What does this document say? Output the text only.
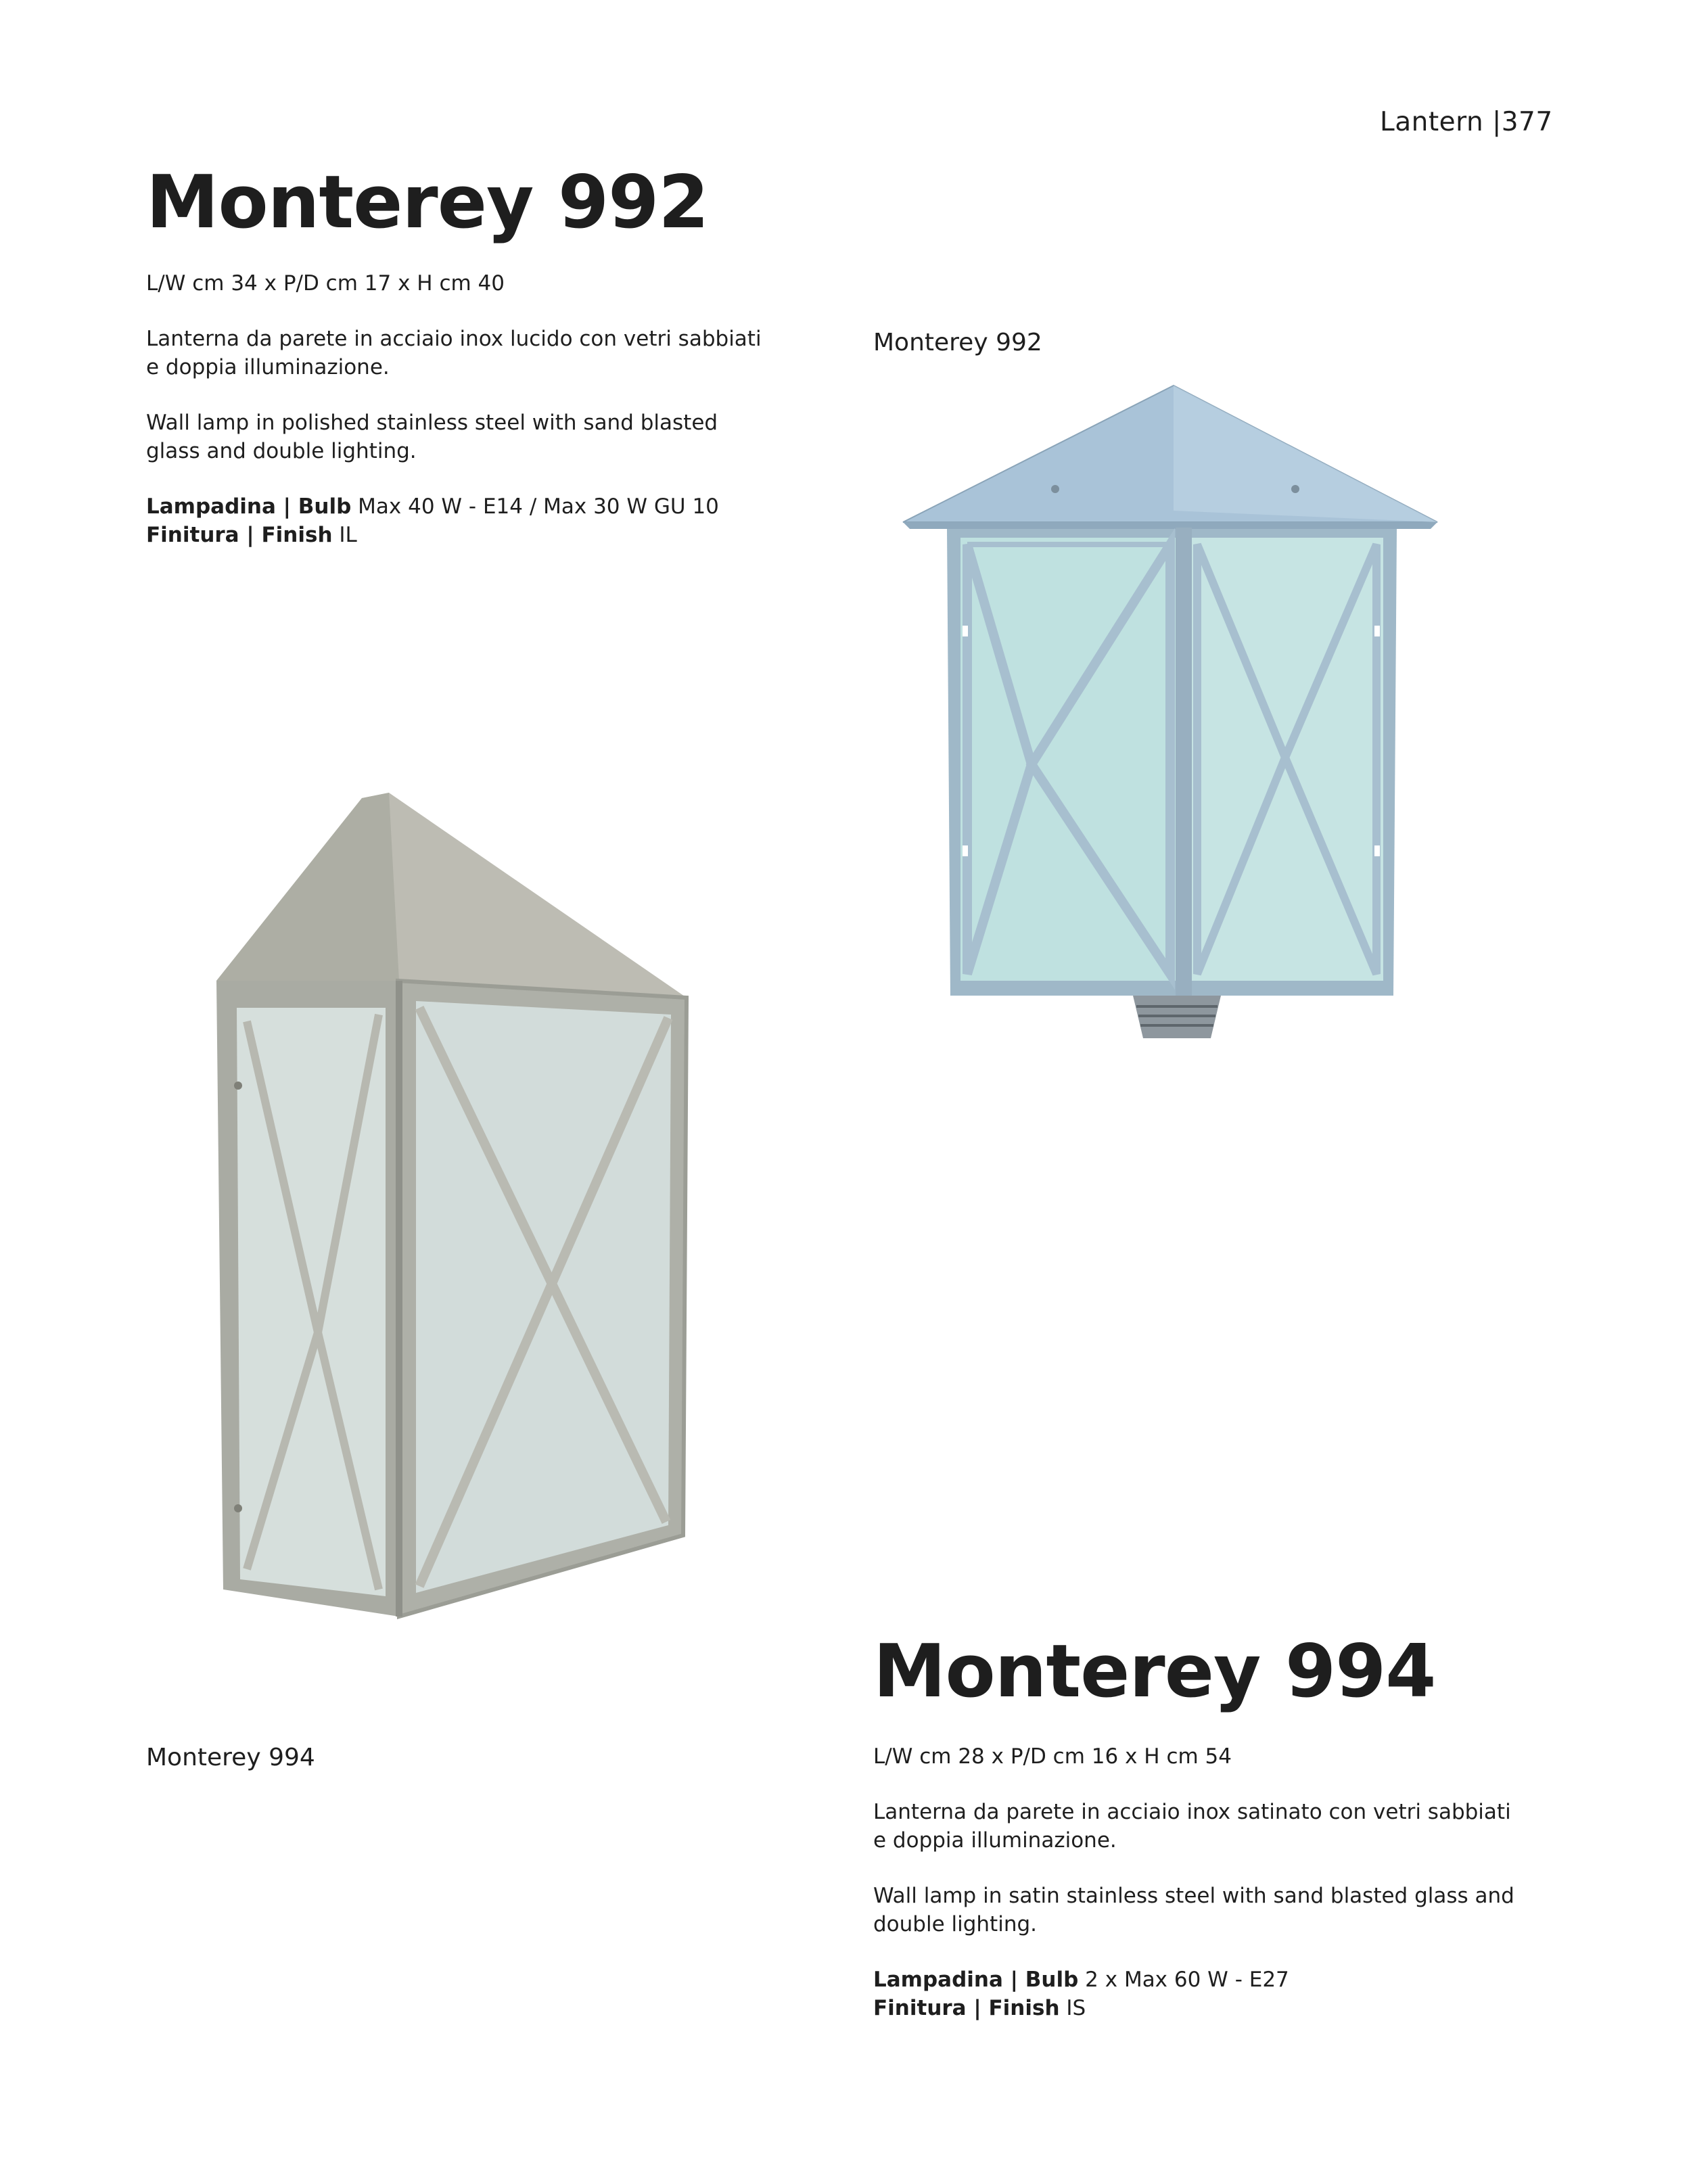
Lantern |377
Monterey 992

L/W cm 34 x P/D cm 17 x H cm 40

Lanterna da parete in acciaio inox lucido con vetri sabbiati e doppia illuminazione.

Wall lamp in polished stainless steel with sand blasted glass and double lighting.

Lampadina | Bulb Max 40 W - E14 / Max 30 W GU 10

Finitura | Finish IL

Monterey 992
Monterey 994
Monterey 994

L/W cm 28 x P/D cm 16 x H cm 54

Lanterna da parete in acciaio inox satinato con vetri sabbiati e doppia illuminazione.

Wall lamp in satin stainless steel with sand blasted glass and double lighting.

Lampadina | Bulb 2 x Max 60 W - E27

Finitura | Finish IS
